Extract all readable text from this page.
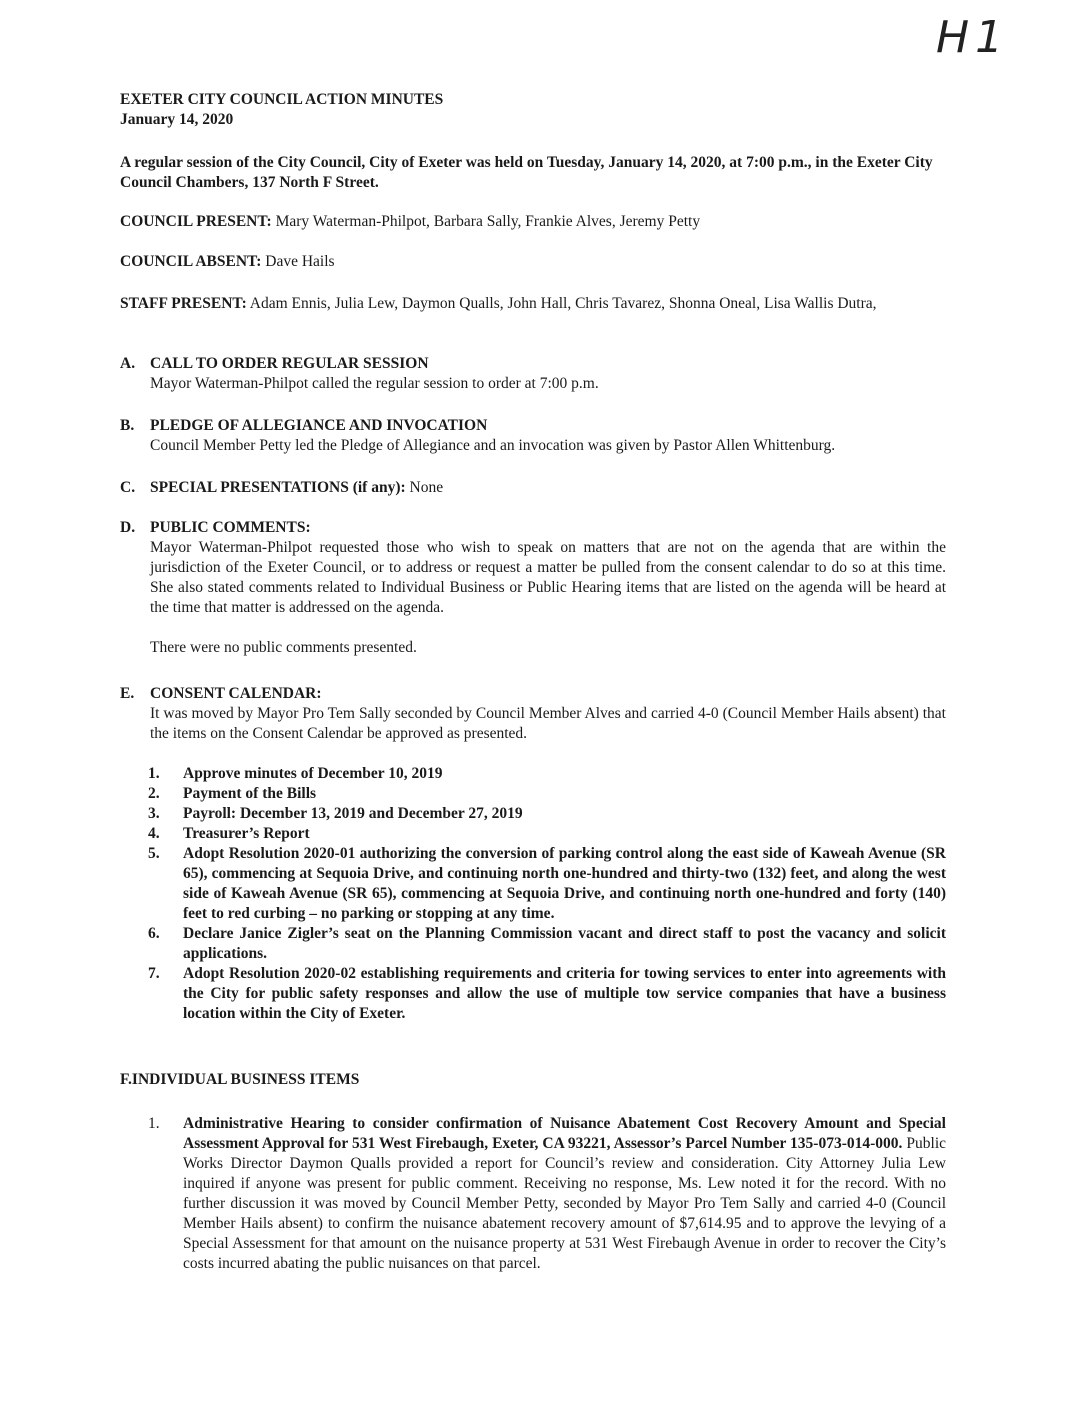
H1
EXETER CITY COUNCIL ACTION MINUTES
January 14, 2020
A regular session of the City Council, City of Exeter was held on Tuesday, January 14, 2020, at 7:00 p.m., in the Exeter City Council Chambers, 137 North F Street.
COUNCIL PRESENT: Mary Waterman-Philpot, Barbara Sally, Frankie Alves, Jeremy Petty
COUNCIL ABSENT: Dave Hails
STAFF PRESENT: Adam Ennis, Julia Lew, Daymon Qualls, John Hall, Chris Tavarez, Shonna Oneal, Lisa Wallis Dutra,
A. CALL TO ORDER REGULAR SESSION
Mayor Waterman-Philpot called the regular session to order at 7:00 p.m.
B. PLEDGE OF ALLEGIANCE AND INVOCATION
Council Member Petty led the Pledge of Allegiance and an invocation was given by Pastor Allen Whittenburg.
C. SPECIAL PRESENTATIONS (if any): None
D. PUBLIC COMMENTS:

Mayor Waterman-Philpot requested those who wish to speak on matters that are not on the agenda that are within the jurisdiction of the Exeter Council, or to address or request a matter be pulled from the consent calendar to do so at this time. She also stated comments related to Individual Business or Public Hearing items that are listed on the agenda will be heard at the time that matter is addressed on the agenda.

There were no public comments presented.

E. CONSENT CALENDAR:
It was moved by Mayor Pro Tem Sally seconded by Council Member Alves and carried 4-0 (Council Member Hails absent) that the items on the Consent Calendar be approved as presented.
1.	Approve minutes of December 10, 2019
2.	Payment of the Bills
3.	Payroll: December 13, 2019 and December 27, 2019
4.	Treasurer’s Report
5.	Adopt Resolution 2020-01 authorizing the conversion of parking control along the east side of Kaweah Avenue (SR 65), commencing at Sequoia Drive, and continuing north one-hundred and thirty-two (132) feet, and along the west side of Kaweah Avenue (SR 65), commencing at Sequoia Drive, and continuing north one-hundred and forty (140) feet to red curbing – no parking or stopping at any time.
6.	Declare Janice Zigler’s seat on the Planning Commission vacant and direct staff to post the vacancy and solicit applications.
7.	Adopt Resolution 2020-02 establishing requirements and criteria for towing services to enter into agreements with the City for public safety responses and allow the use of multiple tow service companies that have a business location within the City of Exeter.
F.INDIVIDUAL BUSINESS ITEMS
1.	Administrative Hearing to consider confirmation of Nuisance Abatement Cost Recovery Amount and Special Assessment Approval for 531 West Firebaugh, Exeter, CA 93221, Assessor’s Parcel Number 135-073-014-000. Public Works Director Daymon Qualls provided a report for Council’s review and consideration. City Attorney Julia Lew inquired if anyone was present for public comment. Receiving no response, Ms. Lew noted it for the record. With no further discussion it was moved by Council Member Petty, seconded by Mayor Pro Tem Sally and carried 4-0 (Council Member Hails absent) to confirm the nuisance abatement recovery amount of $7,614.95 and to approve the levying of a Special Assessment for that amount on the nuisance property at 531 West Firebaugh Avenue in order to recover the City’s costs incurred abating the public nuisances on that parcel.
